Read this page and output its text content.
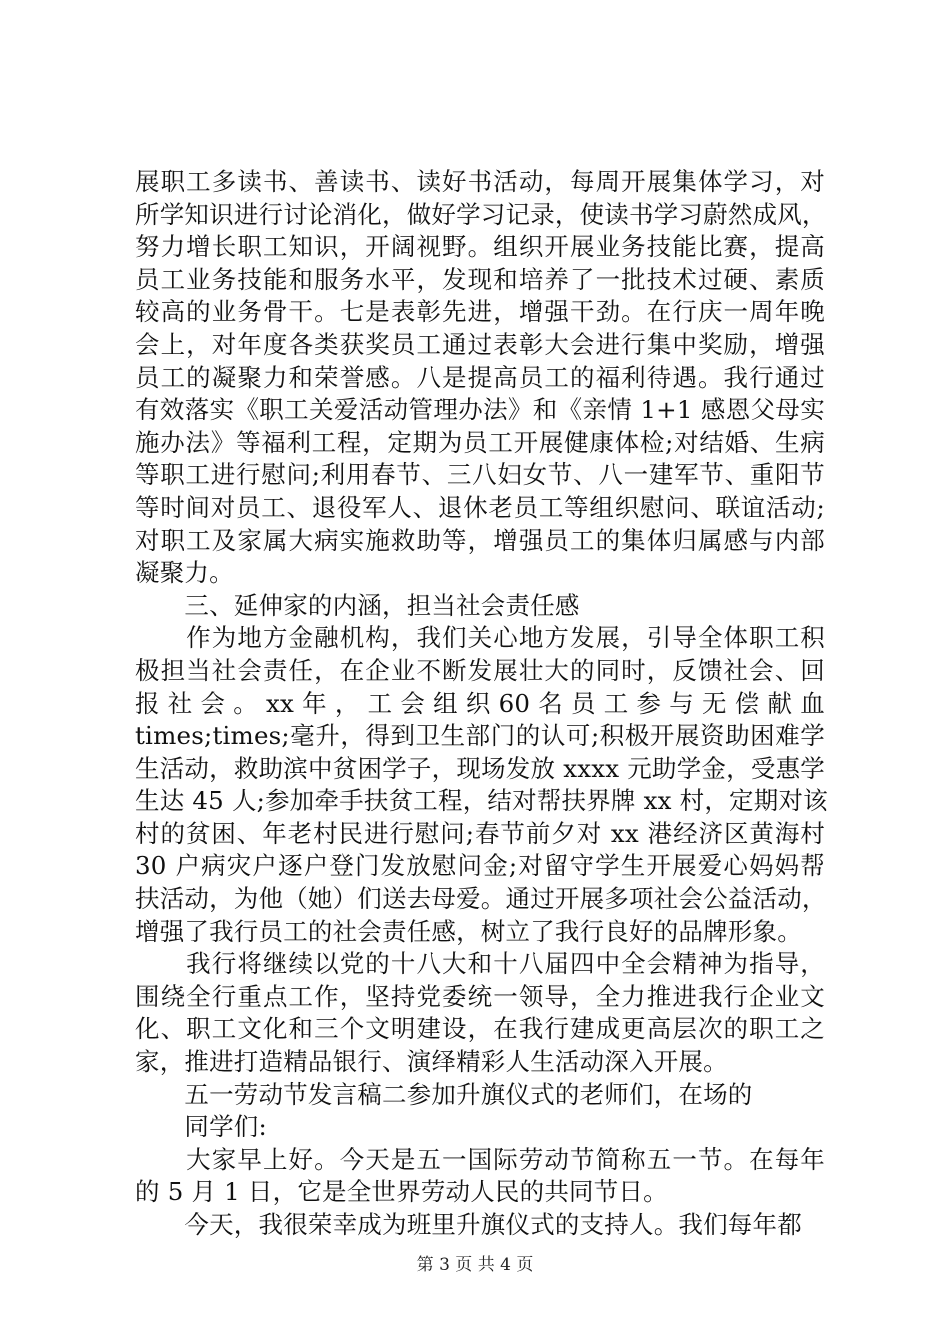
展职工多读书、善读书、读好书活动，每周开展集体学习，对
所学知识进行讨论消化，做好学习记录，使读书学习蔚然成风，
努力增长职工知识，开阔视野。组织开展业务技能比赛，提高
员工业务技能和服务水平，发现和培养了一批技术过硬、素质
较高的业务骨干。七是表彰先进，增强干劲。在行庆一周年晚
会上，对年度各类获奖员工通过表彰大会进行集中奖励，增强
员工的凝聚力和荣誉感。八是提高员工的福利待遇。我行通过
有效落实《职工关爱活动管理办法》和《亲情 1+1 感恩父母实
施办法》等福利工程，定期为员工开展健康体检;对结婚、生病
等职工进行慰问;利用春节、三八妇女节、八一建军节、重阳节
等时间对员工、退役军人、退休老员工等组织慰问、联谊活动;
对职工及家属大病实施救助等，增强员工的集体归属感与内部
凝聚力。
　　三、延伸家的内涵，担当社会责任感
　　作为地方金融机构，我们关心地方发展，引导全体职工积
极担当社会责任，在企业不断发展壮大的同时，反馈社会、回
报 社 会 。 xx 年 ， 工 会 组 织 60 名 员 工 参 与 无 偿 献 血
times;times;毫升，得到卫生部门的认可;积极开展资助困难学
生活动，救助滨中贫困学子，现场发放 xxxx 元助学金，受惠学
生达 45 人;参加牵手扶贫工程，结对帮扶界牌 xx 村，定期对该
村的贫困、年老村民进行慰问;春节前夕对 xx 港经济区黄海村
30 户病灾户逐户登门发放慰问金;对留守学生开展爱心妈妈帮
扶活动，为他（她）们送去母爱。通过开展多项社会公益活动，
增强了我行员工的社会责任感，树立了我行良好的品牌形象。
　　我行将继续以党的十八大和十八届四中全会精神为指导，
围绕全行重点工作，坚持党委统一领导，全力推进我行企业文
化、职工文化和三个文明建设，在我行建成更高层次的职工之
家，推进打造精品银行、演绎精彩人生活动深入开展。
　　五一劳动节发言稿二参加升旗仪式的老师们，在场的
　　同学们:
　　大家早上好。今天是五一国际劳动节简称五一节。在每年
的 5 月 1 日，它是全世界劳动人民的共同节日。
　　今天，我很荣幸成为班里升旗仪式的支持人。我们每年都
第 3 页 共 4 页
